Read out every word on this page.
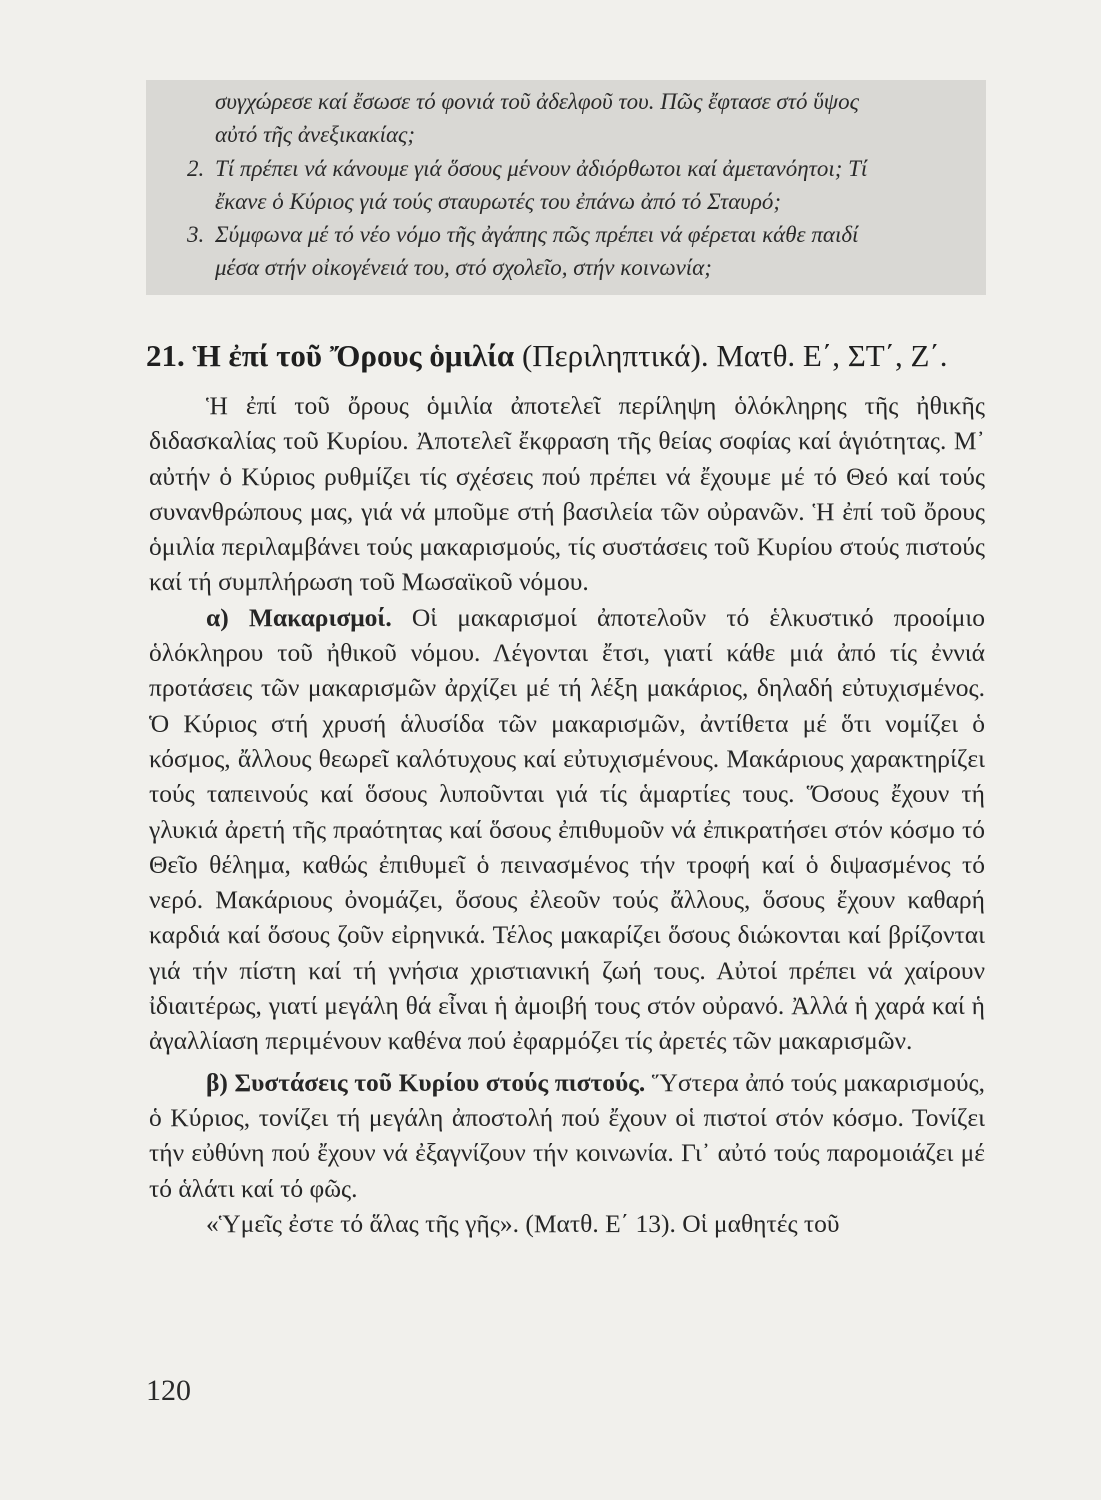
συγχώρεσε καί ἔσωσε τό φονιά τοῦ ἀδελφοῦ του. Πῶς ἔφτασε στό ὕψος
αὐτό τῆς ἀνεξικακίας;
2. Τί πρέπει νά κάνουμε γιά ὅσους μένουν ἀδιόρθωτοι καί ἀμετανόητοι; Τί
ἔκανε ὁ Κύριος γιά τούς σταυρωτές του ἐπάνω ἀπό τό Σταυρό;
3. Σύμφωνα μέ τό νέο νόμο τῆς ἀγάπης πῶς πρέπει νά φέρεται κάθε παιδί
μέσα στήν οἰκογένειά του, στό σχολεῖο, στήν κοινωνία;
21. Ἡ ἐπί τοῦ Ὄρους ὁμιλία (Περιληπτικά). Ματθ. Ε΄, ΣΤ΄, Ζ΄.

Ἡ ἐπί τοῦ ὄρους ὁμιλία ἀποτελεῖ περίληψη ὁλόκληρης τῆς ἠθικῆς διδασκαλίας τοῦ Κυρίου. Ἀποτελεῖ ἔκφραση τῆς θείας σοφίας καί ἁγιότητας. Μ᾽ αὐτήν ὁ Κύριος ρυθμίζει τίς σχέσεις πού πρέπει νά ἔχουμε μέ τό Θεό καί τούς συνανθρώπους μας, γιά νά μποῦμε στή βασιλεία τῶν οὐρανῶν. Ἡ ἐπί τοῦ ὄρους ὁμιλία περιλαμβάνει τούς μακαρισμούς, τίς συστάσεις τοῦ Κυρίου στούς πιστούς καί τή συμπλήρωση τοῦ Μωσαϊκοῦ νόμου.

α) Μακαρισμοί. Οἱ μακαρισμοί ἀποτελοῦν τό ἑλκυστικό προοίμιο ὁλόκληρου τοῦ ἠθικοῦ νόμου. Λέγονται ἔτσι, γιατί κάθε μιά ἀπό τίς ἐννιά προτάσεις τῶν μακαρισμῶν ἀρχίζει μέ τή λέξη μακάριος, δηλαδή εὐτυχισμένος. Ὁ Κύριος στή χρυσή ἁλυσίδα τῶν μακαρισμῶν, ἀντίθετα μέ ὅτι νομίζει ὁ κόσμος, ἄλλους θεωρεῖ καλότυχους καί εὐτυχισμένους. Μακάριους χαρακτηρίζει τούς ταπεινούς καί ὅσους λυποῦνται γιά τίς ἁμαρτίες τους. Ὅσους ἔχουν τή γλυκιά ἀρετή τῆς πραότητας καί ὅσους ἐπιθυμοῦν νά ἐπικρατήσει στόν κόσμο τό Θεῖο θέλημα, καθώς ἐπιθυμεῖ ὁ πεινασμένος τήν τροφή καί ὁ διψασμένος τό νερό. Μακάριους ὀνομάζει, ὅσους ἐλεοῦν τούς ἄλλους, ὅσους ἔχουν καθαρή καρδιά καί ὅσους ζοῦν εἰρηνικά. Τέλος μακαρίζει ὅσους διώκονται καί βρίζονται γιά τήν πίστη καί τή γνήσια χριστιανική ζωή τους. Αὐτοί πρέπει νά χαίρουν ἰδιαιτέρως, γιατί μεγάλη θά εἶναι ἡ ἀμοιβή τους στόν οὐρανό. Ἀλλά ἡ χαρά καί ἡ ἀγαλλίαση περιμένουν καθένα πού ἐφαρμόζει τίς ἀρετές τῶν μακαρισμῶν.

β) Συστάσεις τοῦ Κυρίου στούς πιστούς. Ὕστερα ἀπό τούς μακαρισμούς, ὁ Κύριος, τονίζει τή μεγάλη ἀποστολή πού ἔχουν οἱ πιστοί στόν κόσμο. Τονίζει τήν εὐθύνη πού ἔχουν νά ἐξαγνίζουν τήν κοινωνία. Γι᾽ αὐτό τούς παρομοιάζει μέ τό ἁλάτι καί τό φῶς.

«Ὑμεῖς ἐστε τό ἅλας τῆς γῆς». (Ματθ. Ε΄ 13). Οἱ μαθητές τοῦ

120
